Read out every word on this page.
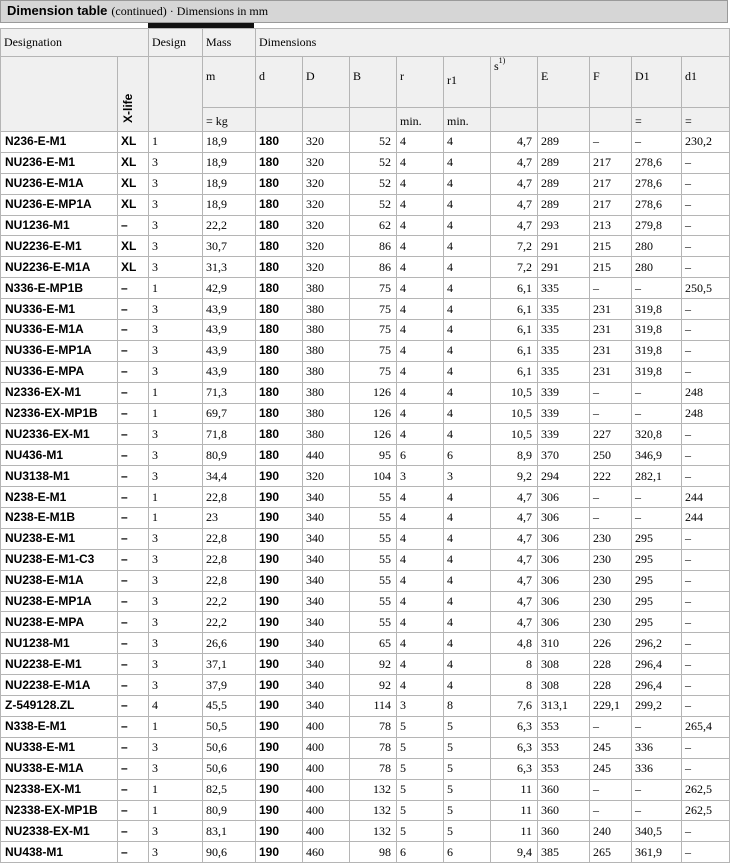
Dimension table (continued) · Dimensions in mm
Designation		Design	Mass	Dimensions									

	X-life		m	d	D	B	r	r1	$s^{1)}$	E	F	D1	d1
			= kg				min.	min.				=	=
N236-E-M1	XL	1	18,9	180	320	52	4	4	4,7	289	–	–	230,2
NU236-E-M1	XL	3	18,9	180	320	52	4	4	4,7	289	217	278,6	–
NU236-E-M1A	XL	3	18,9	180	320	52	4	4	4,7	289	217	278,6	–
NU236-E-MP1A	XL	3	18,9	180	320	52	4	4	4,7	289	217	278,6	–
NU1236-M1	–	3	22,2	180	320	62	4	4	4,7	293	213	279,8	–
NU2236-E-M1	XL	3	30,7	180	320	86	4	4	7,2	291	215	280	–
NU2236-E-M1A	XL	3	31,3	180	320	86	4	4	7,2	291	215	280	–
N336-E-MP1B	–	1	42,9	180	380	75	4	4	6,1	335	–	–	250,5
NU336-E-M1	–	3	43,9	180	380	75	4	4	6,1	335	231	319,8	–
NU336-E-M1A	–	3	43,9	180	380	75	4	4	6,1	335	231	319,8	–
NU336-E-MP1A	–	3	43,9	180	380	75	4	4	6,1	335	231	319,8	–
NU336-E-MPA	–	3	43,9	180	380	75	4	4	6,1	335	231	319,8	–
N2336-EX-M1	–	1	71,3	180	380	126	4	4	10,5	339	–	–	248
N2336-EX-MP1B	–	1	69,7	180	380	126	4	4	10,5	339	–	–	248
NU2336-EX-M1	–	3	71,8	180	380	126	4	4	10,5	339	227	320,8	–
NU436-M1	–	3	80,9	180	440	95	6	6	8,9	370	250	346,9	–
NU3138-M1	–	3	34,4	190	320	104	3	3	9,2	294	222	282,1	–
N238-E-M1	–	1	22,8	190	340	55	4	4	4,7	306	–	–	244
N238-E-M1B	–	1	23	190	340	55	4	4	4,7	306	–	–	244
NU238-E-M1	–	3	22,8	190	340	55	4	4	4,7	306	230	295	–
NU238-E-M1-C3	–	3	22,8	190	340	55	4	4	4,7	306	230	295	–
NU238-E-M1A	–	3	22,8	190	340	55	4	4	4,7	306	230	295	–
NU238-E-MP1A	–	3	22,2	190	340	55	4	4	4,7	306	230	295	–
NU238-E-MPA	–	3	22,2	190	340	55	4	4	4,7	306	230	295	–
NU1238-M1	–	3	26,6	190	340	65	4	4	4,8	310	226	296,2	–
NU2238-E-M1	–	3	37,1	190	340	92	4	4	8	308	228	296,4	–
NU2238-E-M1A	–	3	37,9	190	340	92	4	4	8	308	228	296,4	–
Z-549128.ZL	–	4	45,5	190	340	114	3	8	7,6	313,1	229,1	299,2	–
N338-E-M1	–	1	50,5	190	400	78	5	5	6,3	353	–	–	265,4
NU338-E-M1	–	3	50,6	190	400	78	5	5	6,3	353	245	336	–
NU338-E-M1A	–	3	50,6	190	400	78	5	5	6,3	353	245	336	–
N2338-EX-M1	–	1	82,5	190	400	132	5	5	11	360	–	–	262,5
N2338-EX-MP1B	–	1	80,9	190	400	132	5	5	11	360	–	–	262,5
NU2338-EX-M1	–	3	83,1	190	400	132	5	5	11	360	240	340,5	–
NU438-M1	–	3	90,6	190	460	98	6	6	9,4	385	265	361,9	–
